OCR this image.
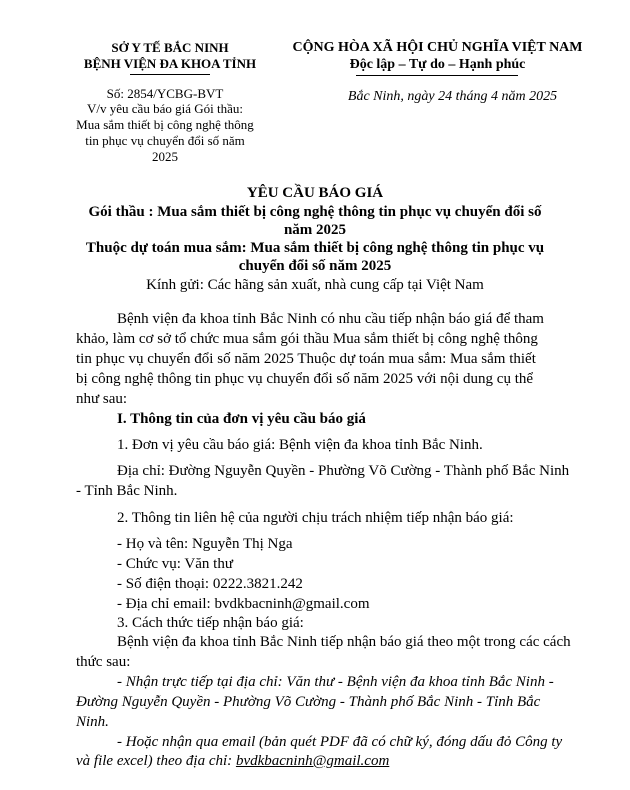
SỞ Y TẾ BẮC NINH
BỆNH VIỆN ĐA KHOA TỈNH
Số: 2854/YCBG-BVT
V/v yêu cầu báo giá Gói thầu:
Mua sắm thiết bị công nghệ thông
tin phục vụ chuyển đổi số năm
2025
CỘNG HÒA XÃ HỘI CHỦ NGHĨA VIỆT NAM
Độc lập – Tự do – Hạnh phúc
Bắc Ninh, ngày 24 tháng 4 năm 2025
YÊU CẦU BÁO GIÁ
Gói thầu : Mua sắm thiết bị công nghệ thông tin phục vụ chuyển đổi số
năm 2025
Thuộc dự toán mua sắm: Mua sắm thiết bị công nghệ thông tin phục vụ
chuyển đổi số năm 2025
Kính gửi: Các hãng sản xuất, nhà cung cấp tại Việt Nam
Bệnh viện đa khoa tỉnh Bắc Ninh có nhu cầu tiếp nhận báo giá để tham
khảo, làm cơ sở tổ chức mua sắm gói thầu Mua sắm thiết bị công nghệ thông
tin phục vụ chuyển đổi số năm 2025 Thuộc dự toán mua sắm: Mua sắm thiết
bị công nghệ thông tin phục vụ chuyển đổi số năm 2025 với nội dung cụ thể
như sau:
I. Thông tin của đơn vị yêu cầu báo giá
1. Đơn vị yêu cầu báo giá: Bệnh viện đa khoa tỉnh Bắc Ninh.
Địa chỉ: Đường Nguyễn Quyền - Phường Võ Cường - Thành phố Bắc Ninh
- Tỉnh Bắc Ninh.
2. Thông tin liên hệ của người chịu trách nhiệm tiếp nhận báo giá:
- Họ và tên: Nguyễn Thị Nga
- Chức vụ: Văn thư
- Số điện thoại: 0222.3821.242
- Địa chỉ email: bvdkbacninh@gmail.com
3. Cách thức tiếp nhận báo giá:
Bệnh viện đa khoa tỉnh Bắc Ninh tiếp nhận báo giá theo một trong các cách
thức sau:
- Nhận trực tiếp tại địa chỉ: Văn thư - Bệnh viện đa khoa tỉnh Bắc Ninh -
Đường Nguyễn Quyền - Phường Võ Cường - Thành phố Bắc Ninh - Tỉnh Bắc
Ninh.
- Hoặc nhận qua email (bản quét PDF đã có chữ ký, đóng dấu đỏ Công ty
và file excel) theo địa chỉ: bvdkbacninh@gmail.com
